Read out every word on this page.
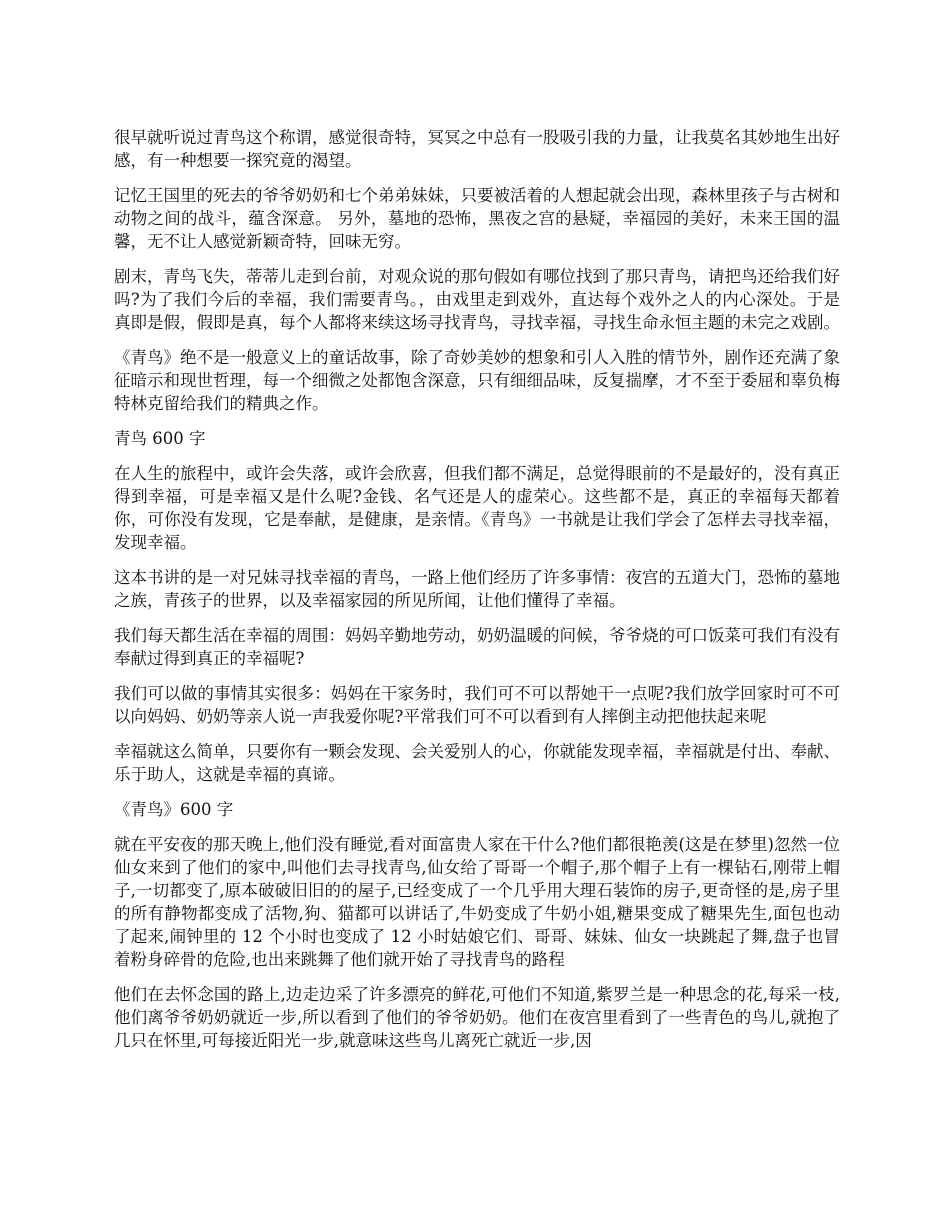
很早就听说过青鸟这个称谓，感觉很奇特，冥冥之中总有一股吸引我的力量，让我莫名其妙地生出好感，有一种想要一探究竟的渴望。

记忆王国里的死去的爷爷奶奶和七个弟弟妹妹，只要被活着的人想起就会出现，森林里孩子与古树和动物之间的战斗，蕴含深意。 另外，墓地的恐怖，黑夜之宫的悬疑，幸福园的美好，未来王国的温馨，无不让人感觉新颖奇特，回味无穷。

剧末，青鸟飞失，蒂蒂儿走到台前，对观众说的那句假如有哪位找到了那只青鸟，请把鸟还给我们好吗?为了我们今后的幸福，我们需要青鸟。，由戏里走到戏外，直达每个戏外之人的内心深处。于是真即是假，假即是真，每个人都将来续这场寻找青鸟，寻找幸福，寻找生命永恒主题的未完之戏剧。

《青鸟》绝不是一般意义上的童话故事，除了奇妙美妙的想象和引人入胜的情节外，剧作还充满了象征暗示和现世哲理，每一个细微之处都饱含深意，只有细细品味，反复揣摩，才不至于委屈和辜负梅特林克留给我们的精典之作。

青鸟 600 字

在人生的旅程中，或许会失落，或许会欣喜，但我们都不满足，总觉得眼前的不是最好的，没有真正得到幸福，可是幸福又是什么呢?金钱、名气还是人的虚荣心。这些都不是，真正的幸福每天都着你，可你没有发现，它是奉献，是健康，是亲情。《青鸟》一书就是让我们学会了怎样去寻找幸福，发现幸福。

这本书讲的是一对兄妹寻找幸福的青鸟，一路上他们经历了许多事情：夜宫的五道大门，恐怖的墓地之族，青孩子的世界，以及幸福家园的所见所闻，让他们懂得了幸福。

我们每天都生活在幸福的周围：妈妈辛勤地劳动，奶奶温暖的问候，爷爷烧的可口饭菜可我们有没有奉献过得到真正的幸福呢?

我们可以做的事情其实很多：妈妈在干家务时，我们可不可以帮她干一点呢?我们放学回家时可不可以向妈妈、奶奶等亲人说一声我爱你呢?平常我们可不可以看到有人摔倒主动把他扶起来呢

幸福就这么简单，只要你有一颗会发现、会关爱别人的心，你就能发现幸福，幸福就是付出、奉献、乐于助人，这就是幸福的真谛。

《青鸟》600 字

就在平安夜的那天晚上,他们没有睡觉,看对面富贵人家在干什么?他们都很艳羡(这是在梦里)忽然一位仙女来到了他们的家中,叫他们去寻找青鸟,仙女给了哥哥一个帽子,那个帽子上有一棵钻石,刚带上帽子,一切都变了,原本破破旧旧的的屋子,已经变成了一个几乎用大理石装饰的房子,更奇怪的是,房子里的所有静物都变成了活物,狗、猫都可以讲话了,牛奶变成了牛奶小姐,糖果变成了糖果先生,面包也动了起来,闹钟里的 12 个小时也变成了 12 小时姑娘它们、哥哥、妹妹、仙女一块跳起了舞,盘子也冒着粉身碎骨的危险,也出来跳舞了他们就开始了寻找青鸟的路程

他们在去怀念国的路上,边走边采了许多漂亮的鲜花,可他们不知道,紫罗兰是一种思念的花,每采一枝,他们离爷爷奶奶就近一步,所以看到了他们的爷爷奶奶。他们在夜宫里看到了一些青色的鸟儿,就抱了几只在怀里,可每接近阳光一步,就意味这些鸟儿离死亡就近一步,因
